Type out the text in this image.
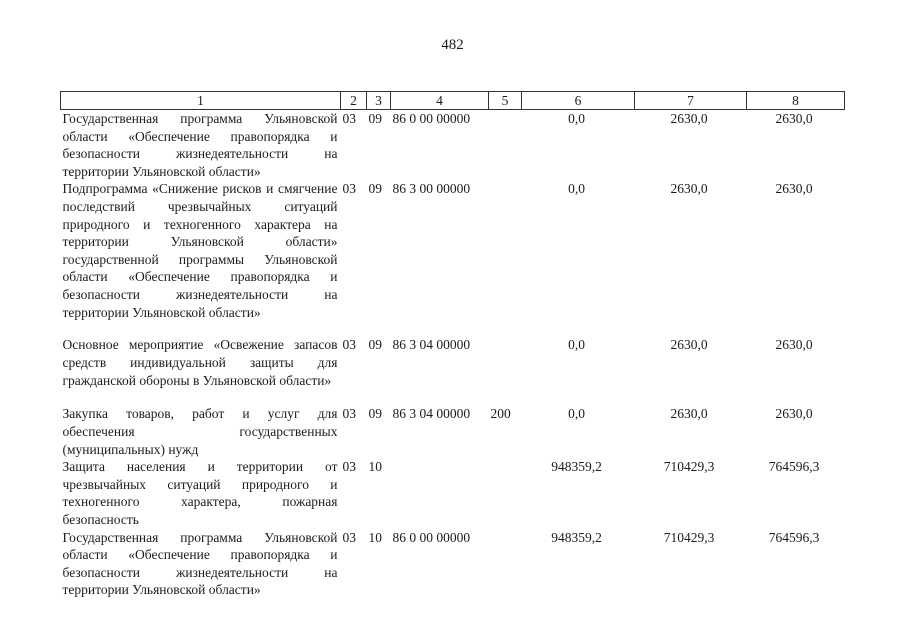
482
1	2	3	4	5	6	7	8
Государственная программа Ульяновской области «Обеспечение правопорядка и безопасности жизнедеятельности на территории Ульяновской области»	03	09	86 0 00 00000		0,0	2630,0	2630,0
Подпрограмма «Снижение рисков и смягчение последствий чрезвычайных ситуаций природного и техногенного характера на территории Ульяновской области» государственной программы Ульяновской области «Обеспечение правопорядка и безопасности жизнедеятельности на территории Ульяновской области»	03	09	86 3 00 00000		0,0	2630,0	2630,0
Основное мероприятие «Освежение запасов средств индивидуальной защиты для гражданской обороны в Ульяновской области»	03	09	86 3 04 00000		0,0	2630,0	2630,0
Закупка товаров, работ и услуг для обеспечения государственных (муниципальных) нужд	03	09	86 3 04 00000	200	0,0	2630,0	2630,0
Защита населения и территории от чрезвычайных ситуаций природного и техногенного характера, пожарная безопасность	03	10			948359,2	710429,3	764596,3
Государственная программа Ульяновской области «Обеспечение правопорядка и безопасности жизнедеятельности на территории Ульяновской области»	03	10	86 0 00 00000		948359,2	710429,3	764596,3
